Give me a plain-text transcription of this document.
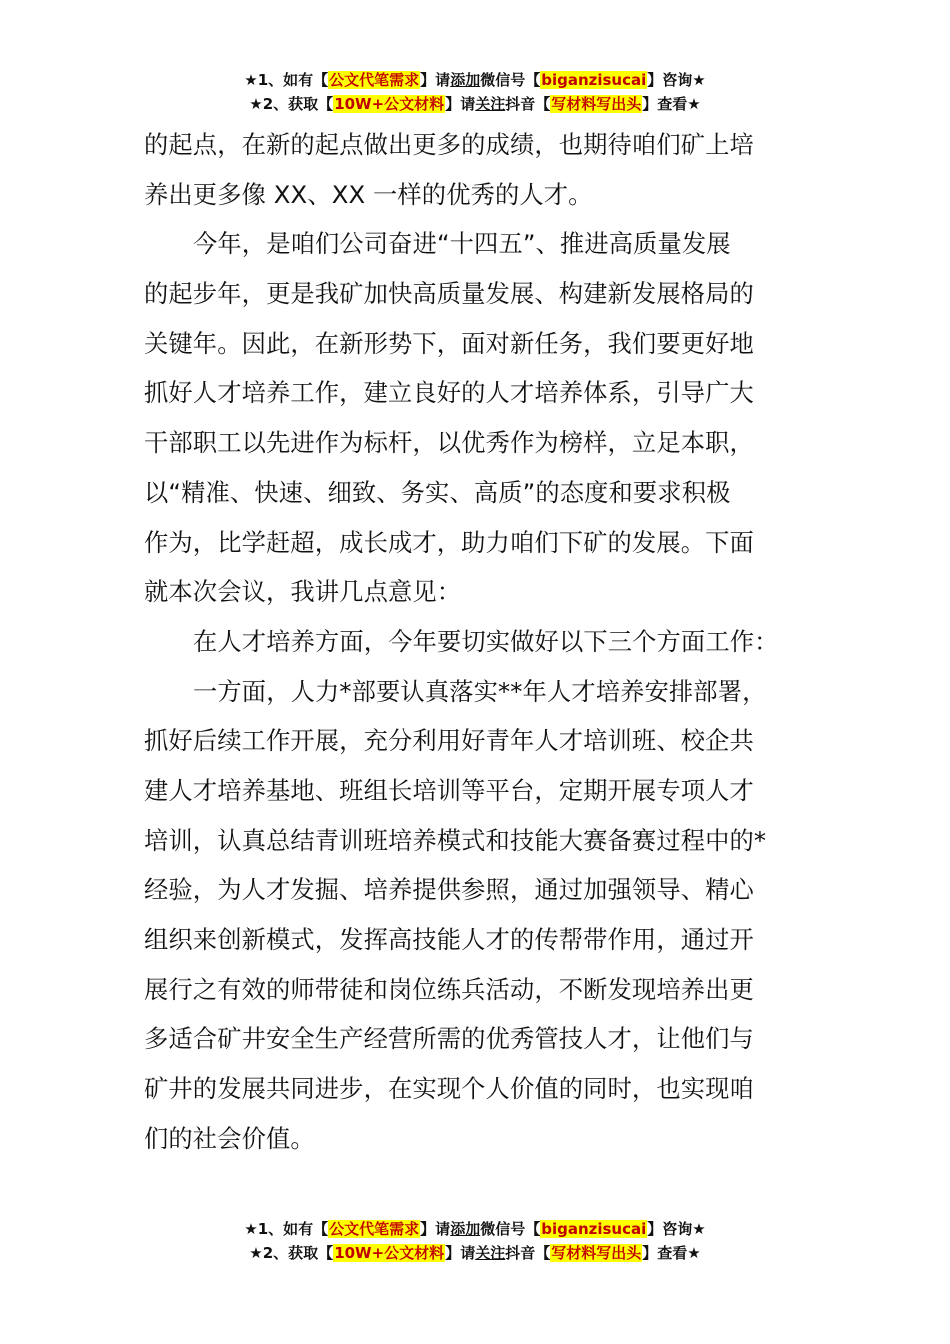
★1、如有【公文代笔需求】请添加微信号【biganzisucai】咨询★
★2、获取【10W+公文材料】请关注抖音【写材料写出头】查看★
的起点，在新的起点做出更多的成绩，也期待咱们矿上培
养出更多像 XX、XX 一样的优秀的人才。
今年，是咱们公司奋进“十四五”、推进高质量发展
的起步年，更是我矿加快高质量发展、构建新发展格局的
关键年。因此，在新形势下，面对新任务，我们要更好地
抓好人才培养工作，建立良好的人才培养体系，引导广大
干部职工以先进作为标杆，以优秀作为榜样，立足本职，
以“精准、快速、细致、务实、高质”的态度和要求积极
作为，比学赶超，成长成才，助力咱们下矿的发展。下面
就本次会议，我讲几点意见：
在人才培养方面，今年要切实做好以下三个方面工作：
一方面，人力*部要认真落实**年人才培养安排部署，
抓好后续工作开展，充分利用好青年人才培训班、校企共
建人才培养基地、班组长培训等平台，定期开展专项人才
培训，认真总结青训班培养模式和技能大赛备赛过程中的*
经验，为人才发掘、培养提供参照，通过加强领导、精心
组织来创新模式，发挥高技能人才的传帮带作用，通过开
展行之有效的师带徒和岗位练兵活动，不断发现培养出更
多适合矿井安全生产经营所需的优秀管技人才，让他们与
矿井的发展共同进步，在实现个人价值的同时，也实现咱
们的社会价值。
★1、如有【公文代笔需求】请添加微信号【biganzisucai】咨询★
★2、获取【10W+公文材料】请关注抖音【写材料写出头】查看★
